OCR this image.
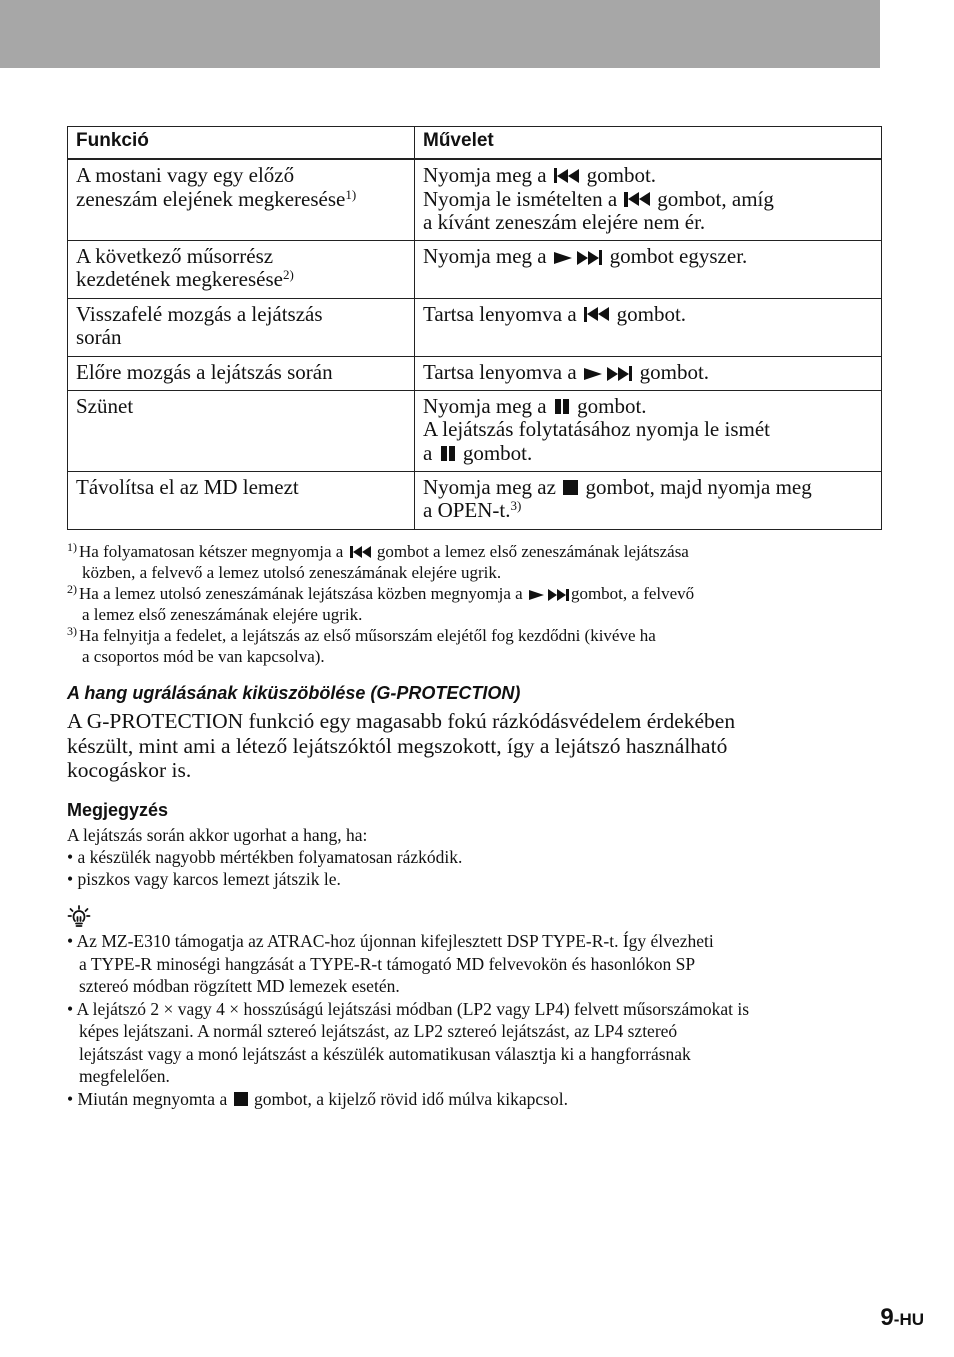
Funkció	Művelet

A mostani vagy egy előző
zeneszám elejének megkeresése$^{1)}$	Nyomja meg a gombot.
Nyomja le ismételten a gombot, amíg
a kívánt zeneszám elejére nem ér.

A következő műsorrész
kezdetének megkeresése$^{2)}$	Nyomja meg a gombot egyszer.

Visszafelé mozgás a lejátszás
során	Tartsa lenyomva a gombot.

Előre mozgás a lejátszás során	Tartsa lenyomva a gombot.

Szünet	Nyomja meg a gombot.
A lejátszás folytatásához nyomja le ismét
a gombot.

Távolítsa el az MD lemezt	Nyomja meg az gombot, majd nyomja meg
a OPEN-t.$^{3)}$
$^{1)}$ Ha folyamatosan kétszer megnyomja a gombot a lemez első zeneszámának lejátszása
közben, a felvevő a lemez utolsó zeneszámának elejére ugrik.
$^{2)}$ Ha a lemez utolsó zeneszámának lejátszása közben megnyomja a	gombot, a felvevő
a lemez első zeneszámának elejére ugrik.
$^{3)}$ Ha felnyitja a fedelet, a lejátszás az első műsorszám elejétől fog kezdődni (kivéve ha
a csoportos mód be van kapcsolva).
A hang ugrálásának kiküszöbölése (G-PROTECTION)
A G-PROTECTION funkció egy magasabb fokú rázkódásvédelem érdekében
készült, mint ami a létező lejátszóktól megszokott, így a lejátszó használható
kocogáskor is.
Megjegyzés
A lejátszás során akkor ugorhat a hang, ha:
• a készülék nagyobb mértékben folyamatosan rázkódik.
• piszkos vagy karcos lemezt játszik le.
• Az MZ-E310 támogatja az ATRAC-hoz újonnan kifejlesztett DSP TYPE-R-t. Így élvezheti
a TYPE-R minoségi hangzását a TYPE-R-t támogató MD felvevokön és hasonlókon SP
sztereó módban rögzített MD lemezek esetén.
• A lejátszó 2 × vagy 4 × hosszúságú lejátszási módban (LP2 vagy LP4) felvett műsorszámokat is
képes lejátszani. A normál sztereó lejátszást, az LP2 sztereó lejátszást, az LP4 sztereó
lejátszást vagy a monó lejátszást a készülék automatikusan választja ki a hangforrásnak
megfelelően.
• Miután megnyomta a gombot, a kijelző rövid idő múlva kikapcsol.
9-HU
